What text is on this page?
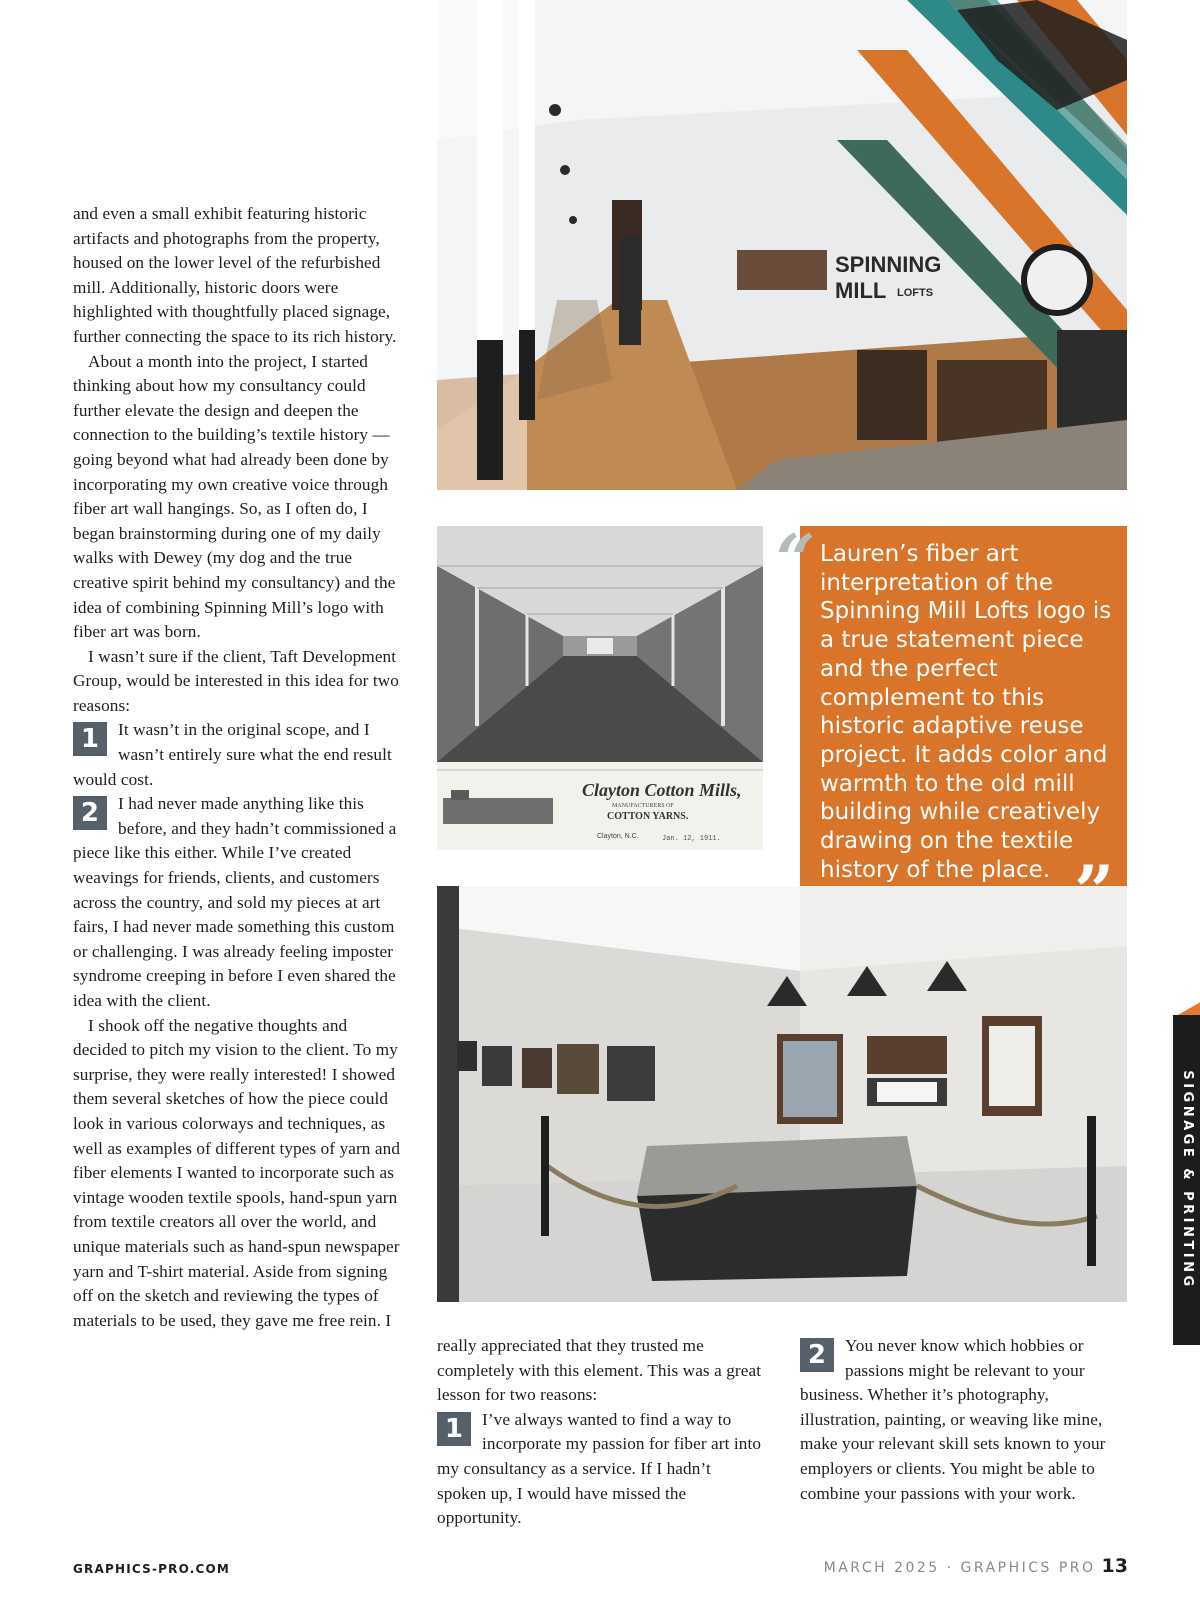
and even a small exhibit featuring historic artifacts and photographs from the property, housed on the lower level of the refurbished mill. Additionally, historic doors were highlighted with thoughtfully placed signage, further connecting the space to its rich history.

About a month into the project, I started thinking about how my consultancy could further elevate the design and deepen the connection to the building’s textile history — going beyond what had already been done by incorporating my own creative voice through fiber art wall hangings. So, as I often do, I began brainstorming during one of my daily walks with Dewey (my dog and the true creative spirit behind my consultancy) and the idea of combining Spinning Mill’s logo with fiber art was born.

I wasn’t sure if the client, Taft Development Group, would be interested in this idea for two reasons:

1	It wasn’t in the original scope, and I wasn’t entirely sure what the end result would cost.

2	I had never made anything like this before, and they hadn’t commissioned a piece like this either. While I’ve created weavings for friends, clients, and customers across the country, and sold my pieces at art fairs, I had never made something this custom or challenging. I was already feeling imposter syndrome creeping in before I even shared the idea with the client.

I shook off the negative thoughts and decided to pitch my vision to the client. To my surprise, they were really interested! I showed them several sketches of how the piece could look in various colorways and techniques, as well as examples of different types of yarn and fiber elements I wanted to incorporate such as vintage wooden textile spools, hand-spun yarn from textile creators all over the world, and unique materials such as hand-spun newspaper yarn and T-shirt material. Aside from signing off on the sketch and reviewing the types of materials to be used, they gave me free rein. I

SPINNING
MILL LOFTS
Clayton Cotton Mills,
MANUFACTURERS OF
COTTON YARNS.
Clayton, N.C.	Jan. 12, 1911.
“ Lauren’s fiber art interpretation of the Spinning Mill Lofts logo is a true statement piece and the perfect complement to this historic adaptive reuse project. It adds color and warmth to the old mill building while creatively drawing on the textile history of the place.

really appreciated that they trusted me completely with this element. This was a great lesson for two reasons:

1	I’ve always wanted to find a way to incorporate my passion for fiber art into my consultancy as a service. If I hadn’t spoken up, I would have missed the opportunity.

2	You never know which hobbies or passions might be relevant to your business. Whether it’s photography, illustration, painting, or weaving like mine, make your relevant skill sets known to your employers or clients. You might be able to combine your passions with your work.

SIGNAGE & PRINTING
GRAPHICS-PRO.COM	MARCH 2025 · GRAPHICS PRO 13
